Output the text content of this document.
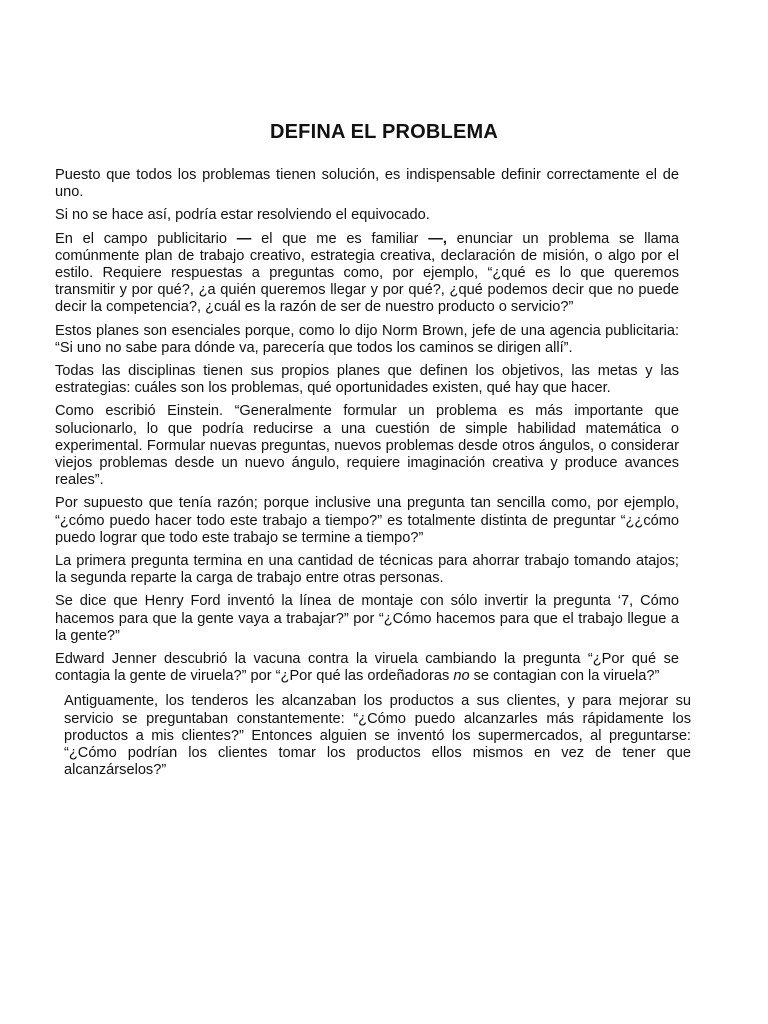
DEFINA EL PROBLEMA

Puesto que todos los problemas tienen solución, es indispensable definir correctamente el de uno.

Si no se hace así, podría estar resolviendo el equivocado.

En el campo publicitario — el que me es familiar —, enunciar un problema se llama comúnmente plan de trabajo creativo, estrategia creativa, declaración de misión, o algo por el estilo. Requiere respuestas a preguntas como, por ejemplo, “¿qué es lo que queremos transmitir y por qué?, ¿a quién queremos llegar y por qué?, ¿qué podemos decir que no puede decir la competencia?, ¿cuál es la razón de ser de nuestro producto o servicio?”

Estos planes son esenciales porque, como lo dijo Norm Brown, jefe de una agencia publicitaria: “Si uno no sabe para dónde va, parecería que todos los caminos se dirigen allí”.

Todas las disciplinas tienen sus propios planes que definen los objetivos, las metas y las estrategias: cuáles son los problemas, qué oportunidades existen, qué hay que hacer.

Como escribió Einstein. “Generalmente formular un problema es más importante que solucionarlo, lo que podría reducirse a una cuestión de simple habilidad matemática o experimental. Formular nuevas preguntas, nuevos problemas desde otros ángulos, o considerar viejos problemas desde un nuevo ángulo, requiere imaginación creativa y produce avances reales”.

Por supuesto que tenía razón; porque inclusive una pregunta tan sencilla como, por ejemplo, “¿cómo puedo hacer todo este trabajo a tiempo?” es totalmente distinta de preguntar “¿¿cómo puedo lograr que todo este trabajo se termine a tiempo?”

La primera pregunta termina en una cantidad de técnicas para ahorrar trabajo tomando atajos; la segunda reparte la carga de trabajo entre otras personas.

Se dice que Henry Ford inventó la línea de montaje con sólo invertir la pregunta ‘7, Cómo hacemos para que la gente vaya a trabajar?” por “¿Cómo hacemos para que el trabajo llegue a la gente?”

Edward Jenner descubrió la vacuna contra la viruela cambiando la pregunta “¿Por qué se contagia la gente de viruela?” por “¿Por qué las ordeñadoras no se contagian con la viruela?”

Antiguamente, los tenderos les alcanzaban los productos a sus clientes, y para mejorar su servicio se preguntaban constantemente: “¿Cómo puedo alcanzarles más rápidamente los productos a mis clientes?” Entonces alguien se inventó los supermercados, al preguntarse: “¿Cómo podrían los clientes tomar los productos ellos mismos en vez de tener que alcanzárselos?”
